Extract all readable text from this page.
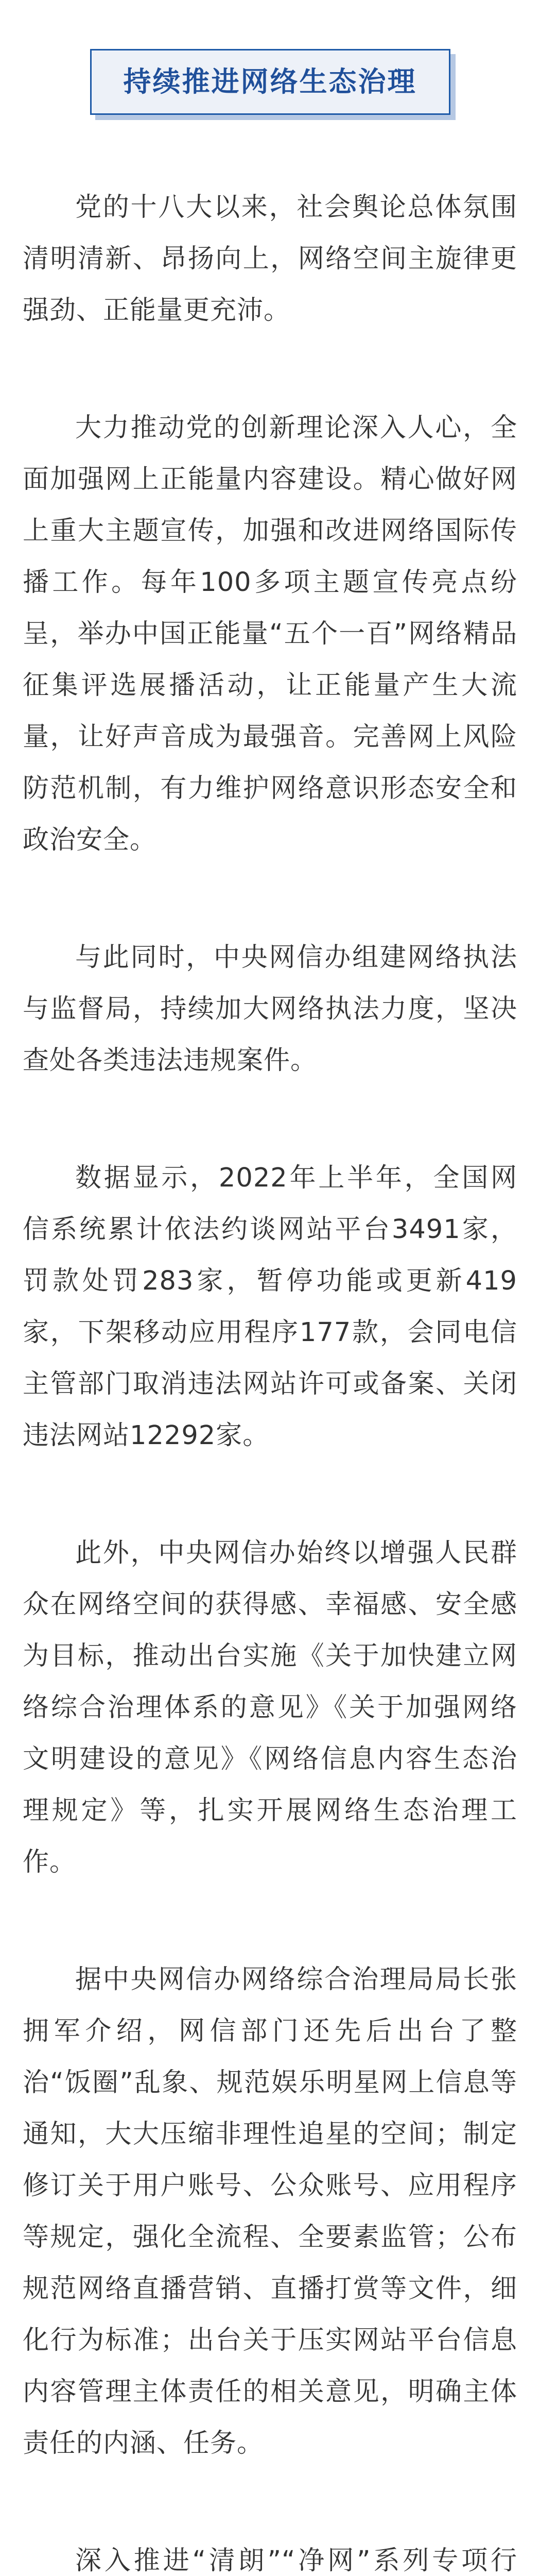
持续推进网络生态治理

党的十八大以来，社会舆论总体氛围清明清新、昂扬向上，网络空间主旋律更强劲、正能量更充沛。

大力推动党的创新理论深入人心，全面加强网上正能量内容建设。精心做好网上重大主题宣传，加强和改进网络国际传播工作。每年100多项主题宣传亮点纷呈，举办中国正能量“五个一百”网络精品征集评选展播活动，让正能量产生大流量，让好声音成为最强音。完善网上风险防范机制，有力维护网络意识形态安全和政治安全。

与此同时，中央网信办组建网络执法与监督局，持续加大网络执法力度，坚决查处各类违法违规案件。

数据显示，2022年上半年，全国网信系统累计依法约谈网站平台3491家，罚款处罚283家，暂停功能或更新419家，下架移动应用程序177款，会同电信主管部门取消违法网站许可或备案、关闭违法网站12292家。

此外，中央网信办始终以增强人民群众在网络空间的获得感、幸福感、安全感为目标，推动出台实施《关于加快建立网络综合治理体系的意见》《关于加强网络文明建设的意见》《网络信息内容生态治理规定》等，扎实开展网络生态治理工作。

据中央网信办网络综合治理局局长张拥军介绍，网信部门还先后出台了整治“饭圈”乱象、规范娱乐明星网上信息等通知，大大压缩非理性追星的空间；制定修订关于用户账号、公众账号、应用程序等规定，强化全流程、全要素监管；公布规范网络直播营销、直播打赏等文件，细化行为标准；出台关于压实网站平台信息内容管理主体责任的相关意见，明确主体责任的内涵、任务。

深入推进“清朗”“净网”系列专项行
